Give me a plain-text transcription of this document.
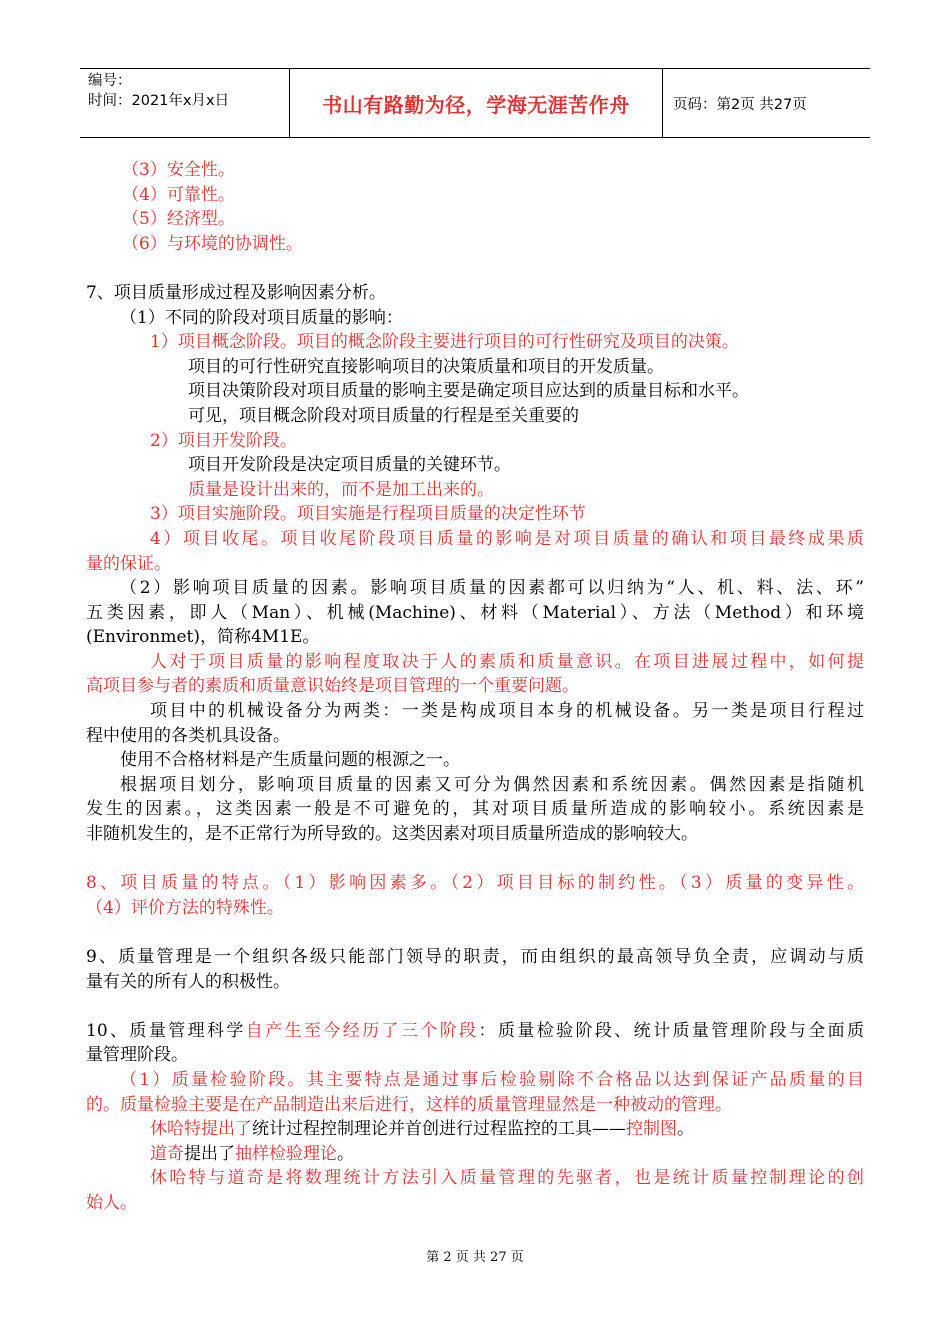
编号：
时间：2021年x月x日	书山有路勤为径，学海无涯苦作舟	页码：第2页 共27页
（3）安全性。
（4）可靠性。
（5）经济型。
（6）与环境的协调性。
7、项目质量形成过程及影响因素分析。
（1）不同的阶段对项目质量的影响：
1）项目概念阶段。项目的概念阶段主要进行项目的可行性研究及项目的决策。
项目的可行性研究直接影响项目的决策质量和项目的开发质量。
项目决策阶段对项目质量的影响主要是确定项目应达到的质量目标和水平。
可见，项目概念阶段对项目质量的行程是至关重要的
2）项目开发阶段。
项目开发阶段是决定项目质量的关键环节。
质量是设计出来的，而不是加工出来的。
3）项目实施阶段。项目实施是行程项目质量的决定性环节
4）项目收尾。项目收尾阶段项目质量的影响是对项目质量的确认和项目最终成果质
量的保证。
（2）影响项目质量的因素。影响项目质量的因素都可以归纳为“人、机、料、法、环”
五类因素，即人（Man）、机械(Machine)、材料（Material）、方法（Method）和环境
(Environmet)，简称4M1E。
人对于项目质量的影响程度取决于人的素质和质量意识。在项目进展过程中，如何提
高项目参与者的素质和质量意识始终是项目管理的一个重要问题。
项目中的机械设备分为两类：一类是构成项目本身的机械设备。另一类是项目行程过
程中使用的各类机具设备。
使用不合格材料是产生质量问题的根源之一。
根据项目划分，影响项目质量的因素又可分为偶然因素和系统因素。偶然因素是指随机
发生的因素。，这类因素一般是不可避免的，其对项目质量所造成的影响较小。系统因素是
非随机发生的，是不正常行为所导致的。这类因素对项目质量所造成的影响较大。
8、项目质量的特点。（1）影响因素多。（2）项目目标的制约性。（3）质量的变异性。
（4）评价方法的特殊性。
9、质量管理是一个组织各级只能部门领导的职责，而由组织的最高领导负全责，应调动与质
量有关的所有人的积极性。
10、质量管理科学自产生至今经历了三个阶段：质量检验阶段、统计质量管理阶段与全面质
量管理阶段。
（1）质量检验阶段。其主要特点是通过事后检验剔除不合格品以达到保证产品质量的目
的。质量检验主要是在产品制造出来后进行，这样的质量管理显然是一种被动的管理。
休哈特提出了统计过程控制理论并首创进行过程监控的工具——控制图。
道奇提出了抽样检验理论。
休哈特与道奇是将数理统计方法引入质量管理的先驱者，也是统计质量控制理论的创
始人。
第 2 页 共 27 页
